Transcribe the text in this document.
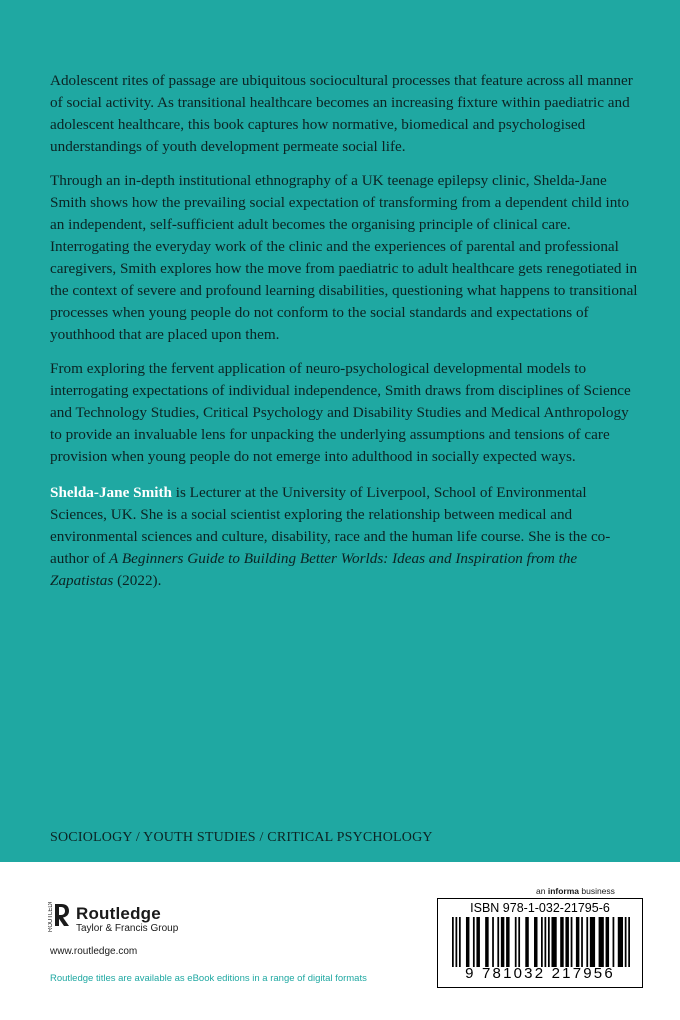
Adolescent rites of passage are ubiquitous sociocultural processes that feature across all manner of social activity. As transitional healthcare becomes an increasing fixture within paediatric and adolescent healthcare, this book captures how normative, biomedical and psychologised understandings of youth development permeate social life.

Through an in-depth institutional ethnography of a UK teenage epilepsy clinic, Shelda-Jane Smith shows how the prevailing social expectation of transforming from a dependent child into an independent, self-sufficient adult becomes the organising principle of clinical care. Interrogating the everyday work of the clinic and the experiences of parental and professional caregivers, Smith explores how the move from paediatric to adult healthcare gets renegotiated in the context of severe and profound learning disabilities, questioning what happens to transitional processes when young people do not conform to the social standards and expectations of youthhood that are placed upon them.

From exploring the fervent application of neuro-psychological developmental models to interrogating expectations of individual independence, Smith draws from disciplines of Science and Technology Studies, Critical Psychology and Disability Studies and Medical Anthropology to provide an invaluable lens for unpacking the underlying assumptions and tensions of care provision when young people do not emerge into adulthood in socially expected ways.

Shelda-Jane Smith is Lecturer at the University of Liverpool, School of Environmental Sciences, UK. She is a social scientist exploring the relationship between medical and environmental sciences and culture, disability, race and the human life course. She is the co-author of A Beginners Guide to Building Better Worlds: Ideas and Inspiration from the Zapatistas (2022).

SOCIOLOGY / YOUTH STUDIES / CRITICAL PSYCHOLOGY
ROUTLEDGE Routledge
Taylor & Francis Group
www.routledge.com
Routledge titles are available as eBook editions in a range of digital formats
an informa business
ISBN 978-1-032-21795-6
9 781032 217956
